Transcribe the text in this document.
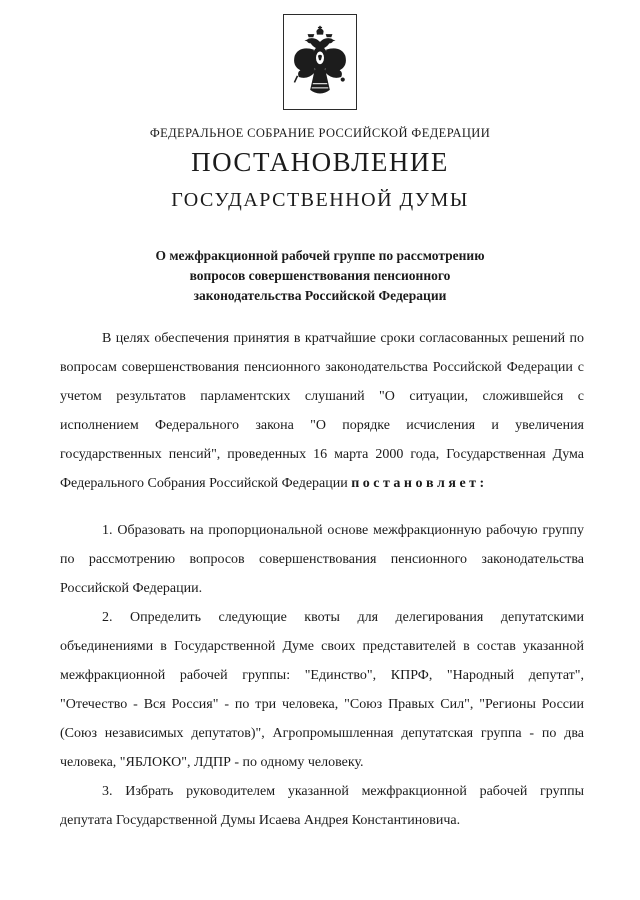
ФЕДЕРАЛЬНОЕ СОБРАНИЕ РОССИЙСКОЙ ФЕДЕРАЦИИ
ПОСТАНОВЛЕНИЕ
ГОСУДАРСТВЕННОЙ ДУМЫ
О межфракционной рабочей группе по рассмотрению
вопросов совершенствования пенсионного
законодательства Российской Федерации

В целях обеспечения принятия в кратчайшие сроки согласованных решений по вопросам совершенствования пенсионного законодательства Российской Федерации с учетом результатов парламентских слушаний "О ситуации, сложившейся с исполнением Федерального закона "О порядке исчисления и увеличения государственных пенсий", проведенных 16 марта 2000 года, Государственная Дума Федерального Собрания Российской Федерации п о с т а н о в л я е т :

1. Образовать на пропорциональной основе межфракционную рабочую группу по рассмотрению вопросов совершенствования пенсионного законодательства Российской Федерации.

2. Определить следующие квоты для делегирования депутатскими объединениями в Государственной Думе своих представителей в состав указанной межфракционной рабочей группы: "Единство", КПРФ, "Народный депутат", "Отечество - Вся Россия" - по три человека, "Союз Правых Сил", "Регионы России (Союз независимых депутатов)", Агропромышленная депутатская группа - по два человека, "ЯБЛОКО", ЛДПР - по одному человеку.

3. Избрать руководителем указанной межфракционной рабочей группы депутата Государственной Думы Исаева Андрея Константиновича.
